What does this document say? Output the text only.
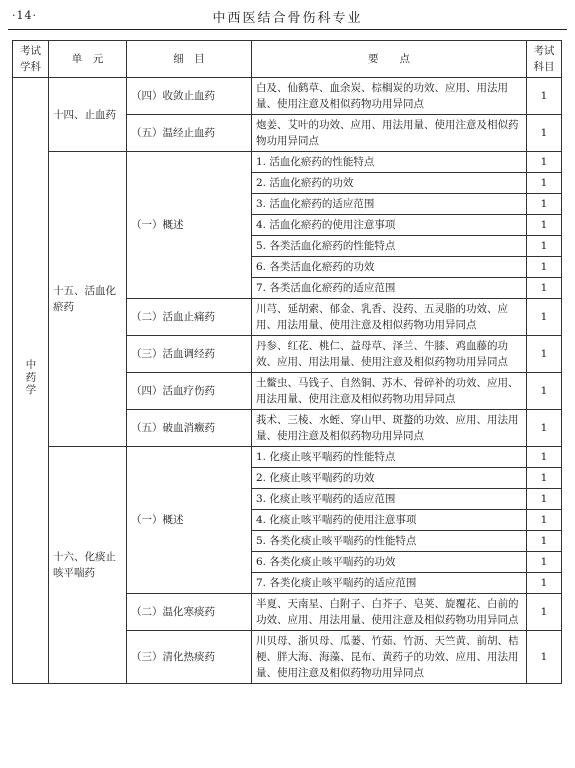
·14·	中西医结合骨伤科专业
考试
学科	单　元	细　目	要　　点	考试
科目
中药学	十四、止血药	（四）收敛止血药	白及、仙鹤草、血余炭、棕榈炭的功效、应用、用法用量、使用注意及相似药物功用异同点	1
		（五）温经止血药	炮姜、艾叶的功效、应用、用法用量、使用注意及相似药物功用异同点	1
	十五、活血化瘀药	（一）概述	1. 活血化瘀药的性能特点	1
			2. 活血化瘀药的功效	1
			3. 活血化瘀药的适应范围	1
			4. 活血化瘀药的使用注意事项	1
			5. 各类活血化瘀药的性能特点	1
			6. 各类活血化瘀药的功效	1
			7. 各类活血化瘀药的适应范围	1
		（二）活血止痛药	川芎、延胡索、郁金、乳香、没药、五灵脂的功效、应用、用法用量、使用注意及相似药物功用异同点	1
		（三）活血调经药	丹参、红花、桃仁、益母草、泽兰、牛膝、鸡血藤的功效、应用、用法用量、使用注意及相似药物功用异同点	1
		（四）活血疗伤药	土鳖虫、马钱子、自然铜、苏木、骨碎补的功效、应用、用法用量、使用注意及相似药物功用异同点	1
		（五）破血消癥药	莪术、三棱、水蛭、穿山甲、斑蝥的功效、应用、用法用量、使用注意及相似药物功用异同点	1
	十六、化痰止咳平喘药	（一）概述	1. 化痰止咳平喘药的性能特点	1
			2. 化痰止咳平喘药的功效	1
			3. 化痰止咳平喘药的适应范围	1
			4. 化痰止咳平喘药的使用注意事项	1
			5. 各类化痰止咳平喘药的性能特点	1
			6. 各类化痰止咳平喘药的功效	1
			7. 各类化痰止咳平喘药的适应范围	1
		（二）温化寒痰药	半夏、天南星、白附子、白芥子、皂荚、旋覆花、白前的功效、应用、用法用量、使用注意及相似药物功用异同点	1
		（三）清化热痰药	川贝母、浙贝母、瓜蒌、竹茹、竹沥、天竺黄、前胡、桔梗、胖大海、海藻、昆布、黄药子的功效、应用、用法用量、使用注意及相似药物功用异同点	1
